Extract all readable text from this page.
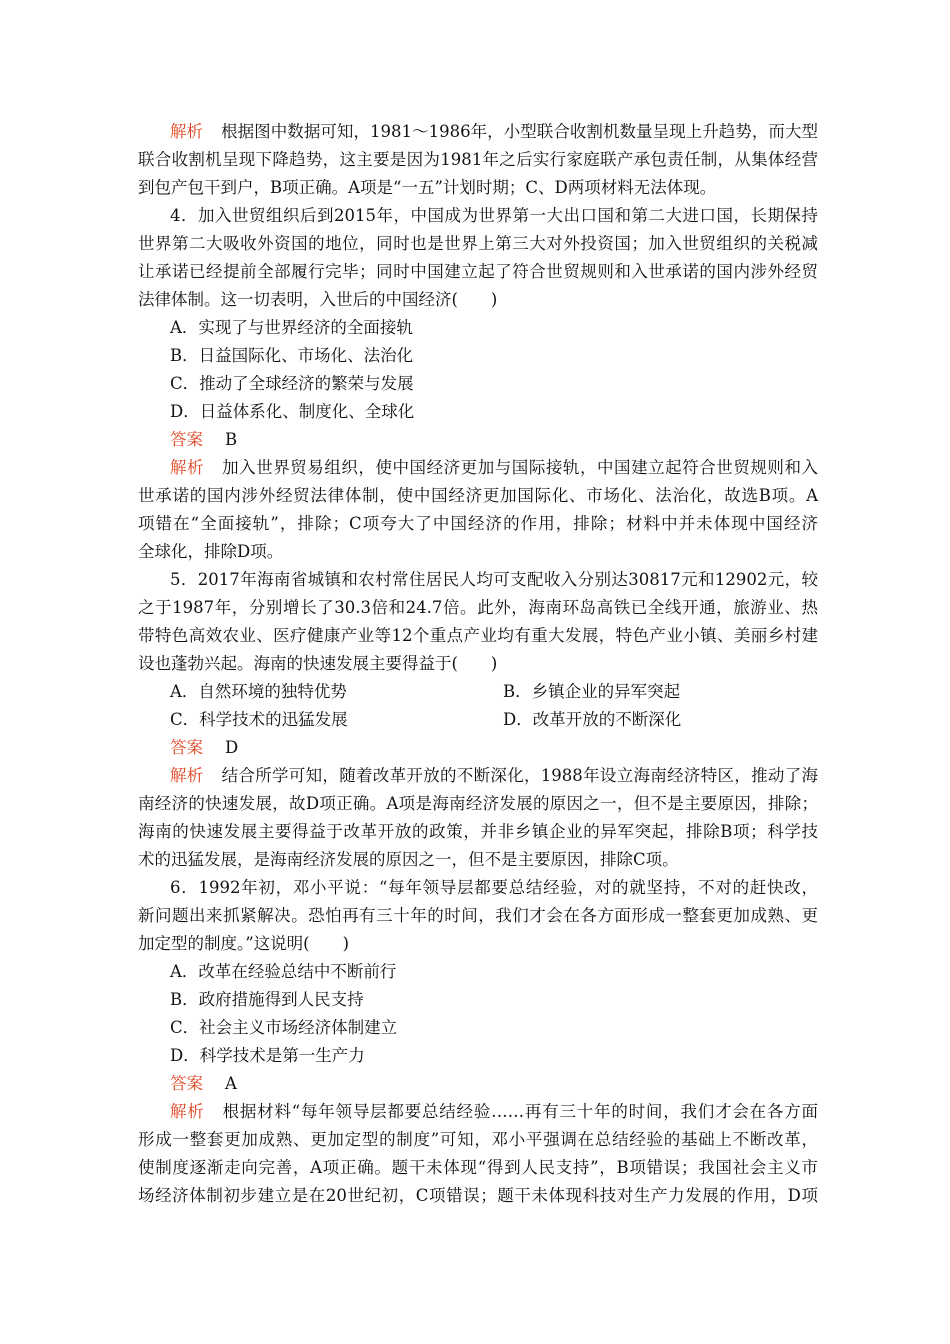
解析 根据图中数据可知，1981～1986年，小型联合收割机数量呈现上升趋势，而大型
联合收割机呈现下降趋势，这主要是因为1981年之后实行家庭联产承包责任制，从集体经营
到包产包干到户，B项正确。A项是“一五”计划时期；C、D两项材料无法体现。
4．加入世贸组织后到2015年，中国成为世界第一大出口国和第二大进口国，长期保持
世界第二大吸收外资国的地位，同时也是世界上第三大对外投资国；加入世贸组织的关税减
让承诺已经提前全部履行完毕；同时中国建立起了符合世贸规则和入世承诺的国内涉外经贸
法律体制。这一切表明，入世后的中国经济(　　)
A．实现了与世界经济的全面接轨
B．日益国际化、市场化、法治化
C．推动了全球经济的繁荣与发展
D．日益体系化、制度化、全球化
答案 B
解析 加入世界贸易组织，使中国经济更加与国际接轨，中国建立起符合世贸规则和入
世承诺的国内涉外经贸法律体制，使中国经济更加国际化、市场化、法治化，故选B项。A
项错在“全面接轨”，排除；C项夸大了中国经济的作用，排除；材料中并未体现中国经济
全球化，排除D项。
5．2017年海南省城镇和农村常住居民人均可支配收入分别达30817元和12902元，较
之于1987年，分别增长了30.3倍和24.7倍。此外，海南环岛高铁已全线开通，旅游业、热
带特色高效农业、医疗健康产业等12个重点产业均有重大发展，特色产业小镇、美丽乡村建
设也蓬勃兴起。海南的快速发展主要得益于(　　)
A．自然环境的独特优势	B．乡镇企业的异军突起
C．科学技术的迅猛发展	D．改革开放的不断深化
答案 D
解析 结合所学可知，随着改革开放的不断深化，1988年设立海南经济特区，推动了海
南经济的快速发展，故D项正确。A项是海南经济发展的原因之一，但不是主要原因，排除；
海南的快速发展主要得益于改革开放的政策，并非乡镇企业的异军突起，排除B项；科学技
术的迅猛发展，是海南经济发展的原因之一，但不是主要原因，排除C项。
6．1992年初，邓小平说：“每年领导层都要总结经验，对的就坚持，不对的赶快改，
新问题出来抓紧解决。恐怕再有三十年的时间，我们才会在各方面形成一整套更加成熟、更
加定型的制度。”这说明(　　)
A．改革在经验总结中不断前行
B．政府措施得到人民支持
C．社会主义市场经济体制建立
D．科学技术是第一生产力
答案 A
解析 根据材料“每年领导层都要总结经验……再有三十年的时间，我们才会在各方面
形成一整套更加成熟、更加定型的制度”可知，邓小平强调在总结经验的基础上不断改革，
使制度逐渐走向完善，A项正确。题干未体现“得到人民支持”，B项错误；我国社会主义市
场经济体制初步建立是在20世纪初，C项错误；题干未体现科技对生产力发展的作用，D项
